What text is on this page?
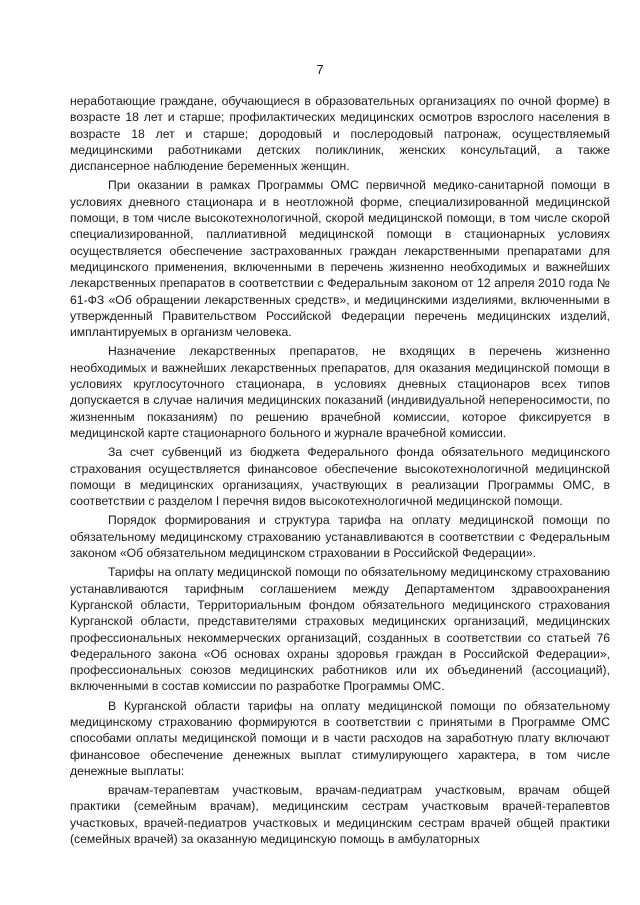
7

неработающие граждане, обучающиеся в образовательных организациях по очной форме) в возрасте 18 лет и старше; профилактических медицинских осмотров взрослого населения в возрасте 18 лет и старше; дородовый и послеродовый патронаж, осуществляемый медицинскими работниками детских поликлиник, женских консультаций, а также диспансерное наблюдение беременных женщин.

При оказании в рамках Программы ОМС первичной медико-санитарной помощи в условиях дневного стационара и в неотложной форме, специализированной медицинской помощи, в том числе высокотехнологичной, скорой медицинской помощи, в том числе скорой специализированной, паллиативной медицинской помощи в стационарных условиях осуществляется обеспечение застрахованных граждан лекарственными препаратами для медицинского применения, включенными в перечень жизненно необходимых и важнейших лекарственных препаратов в соответствии с Федеральным законом от 12 апреля 2010 года № 61-ФЗ «Об обращении лекарственных средств», и медицинскими изделиями, включенными в утвержденный Правительством Российской Федерации перечень медицинских изделий, имплантируемых в организм человека.

Назначение лекарственных препаратов, не входящих в перечень жизненно необходимых и важнейших лекарственных препаратов, для оказания медицинской помощи в условиях круглосуточного стационара, в условиях дневных стационаров всех типов допускается в случае наличия медицинских показаний (индивидуальной непереносимости, по жизненным показаниям) по решению врачебной комиссии, которое фиксируется в медицинской карте стационарного больного и журнале врачебной комиссии.

За счет субвенций из бюджета Федерального фонда обязательного медицинского страхования осуществляется финансовое обеспечение высокотехнологичной медицинской помощи в медицинских организациях, участвующих в реализации Программы ОМС, в соответствии с разделом I перечня видов высокотехнологичной медицинской помощи.

Порядок формирования и структура тарифа на оплату медицинской помощи по обязательному медицинскому страхованию устанавливаются в соответствии с Федеральным законом «Об обязательном медицинском страховании в Российской Федерации».

Тарифы на оплату медицинской помощи по обязательному медицинскому страхованию устанавливаются тарифным соглашением между Департаментом здравоохранения Курганской области, Территориальным фондом обязательного медицинского страхования Курганской области, представителями страховых медицинских организаций, медицинских профессиональных некоммерческих организаций, созданных в соответствии со статьей 76 Федерального закона «Об основах охраны здоровья граждан в Российской Федерации», профессиональных союзов медицинских работников или их объединений (ассоциаций), включенными в состав комиссии по разработке Программы ОМС.

В Курганской области тарифы на оплату медицинской помощи по обязательному медицинскому страхованию формируются в соответствии с принятыми в Программе ОМС способами оплаты медицинской помощи и в части расходов на заработную плату включают финансовое обеспечение денежных выплат стимулирующего характера, в том числе денежные выплаты:

врачам-терапевтам участковым, врачам-педиатрам участковым, врачам общей практики (семейным врачам), медицинским сестрам участковым врачей-терапевтов участковых, врачей-педиатров участковых и медицинским сестрам врачей общей практики (семейных врачей) за оказанную медицинскую помощь в амбулаторных
